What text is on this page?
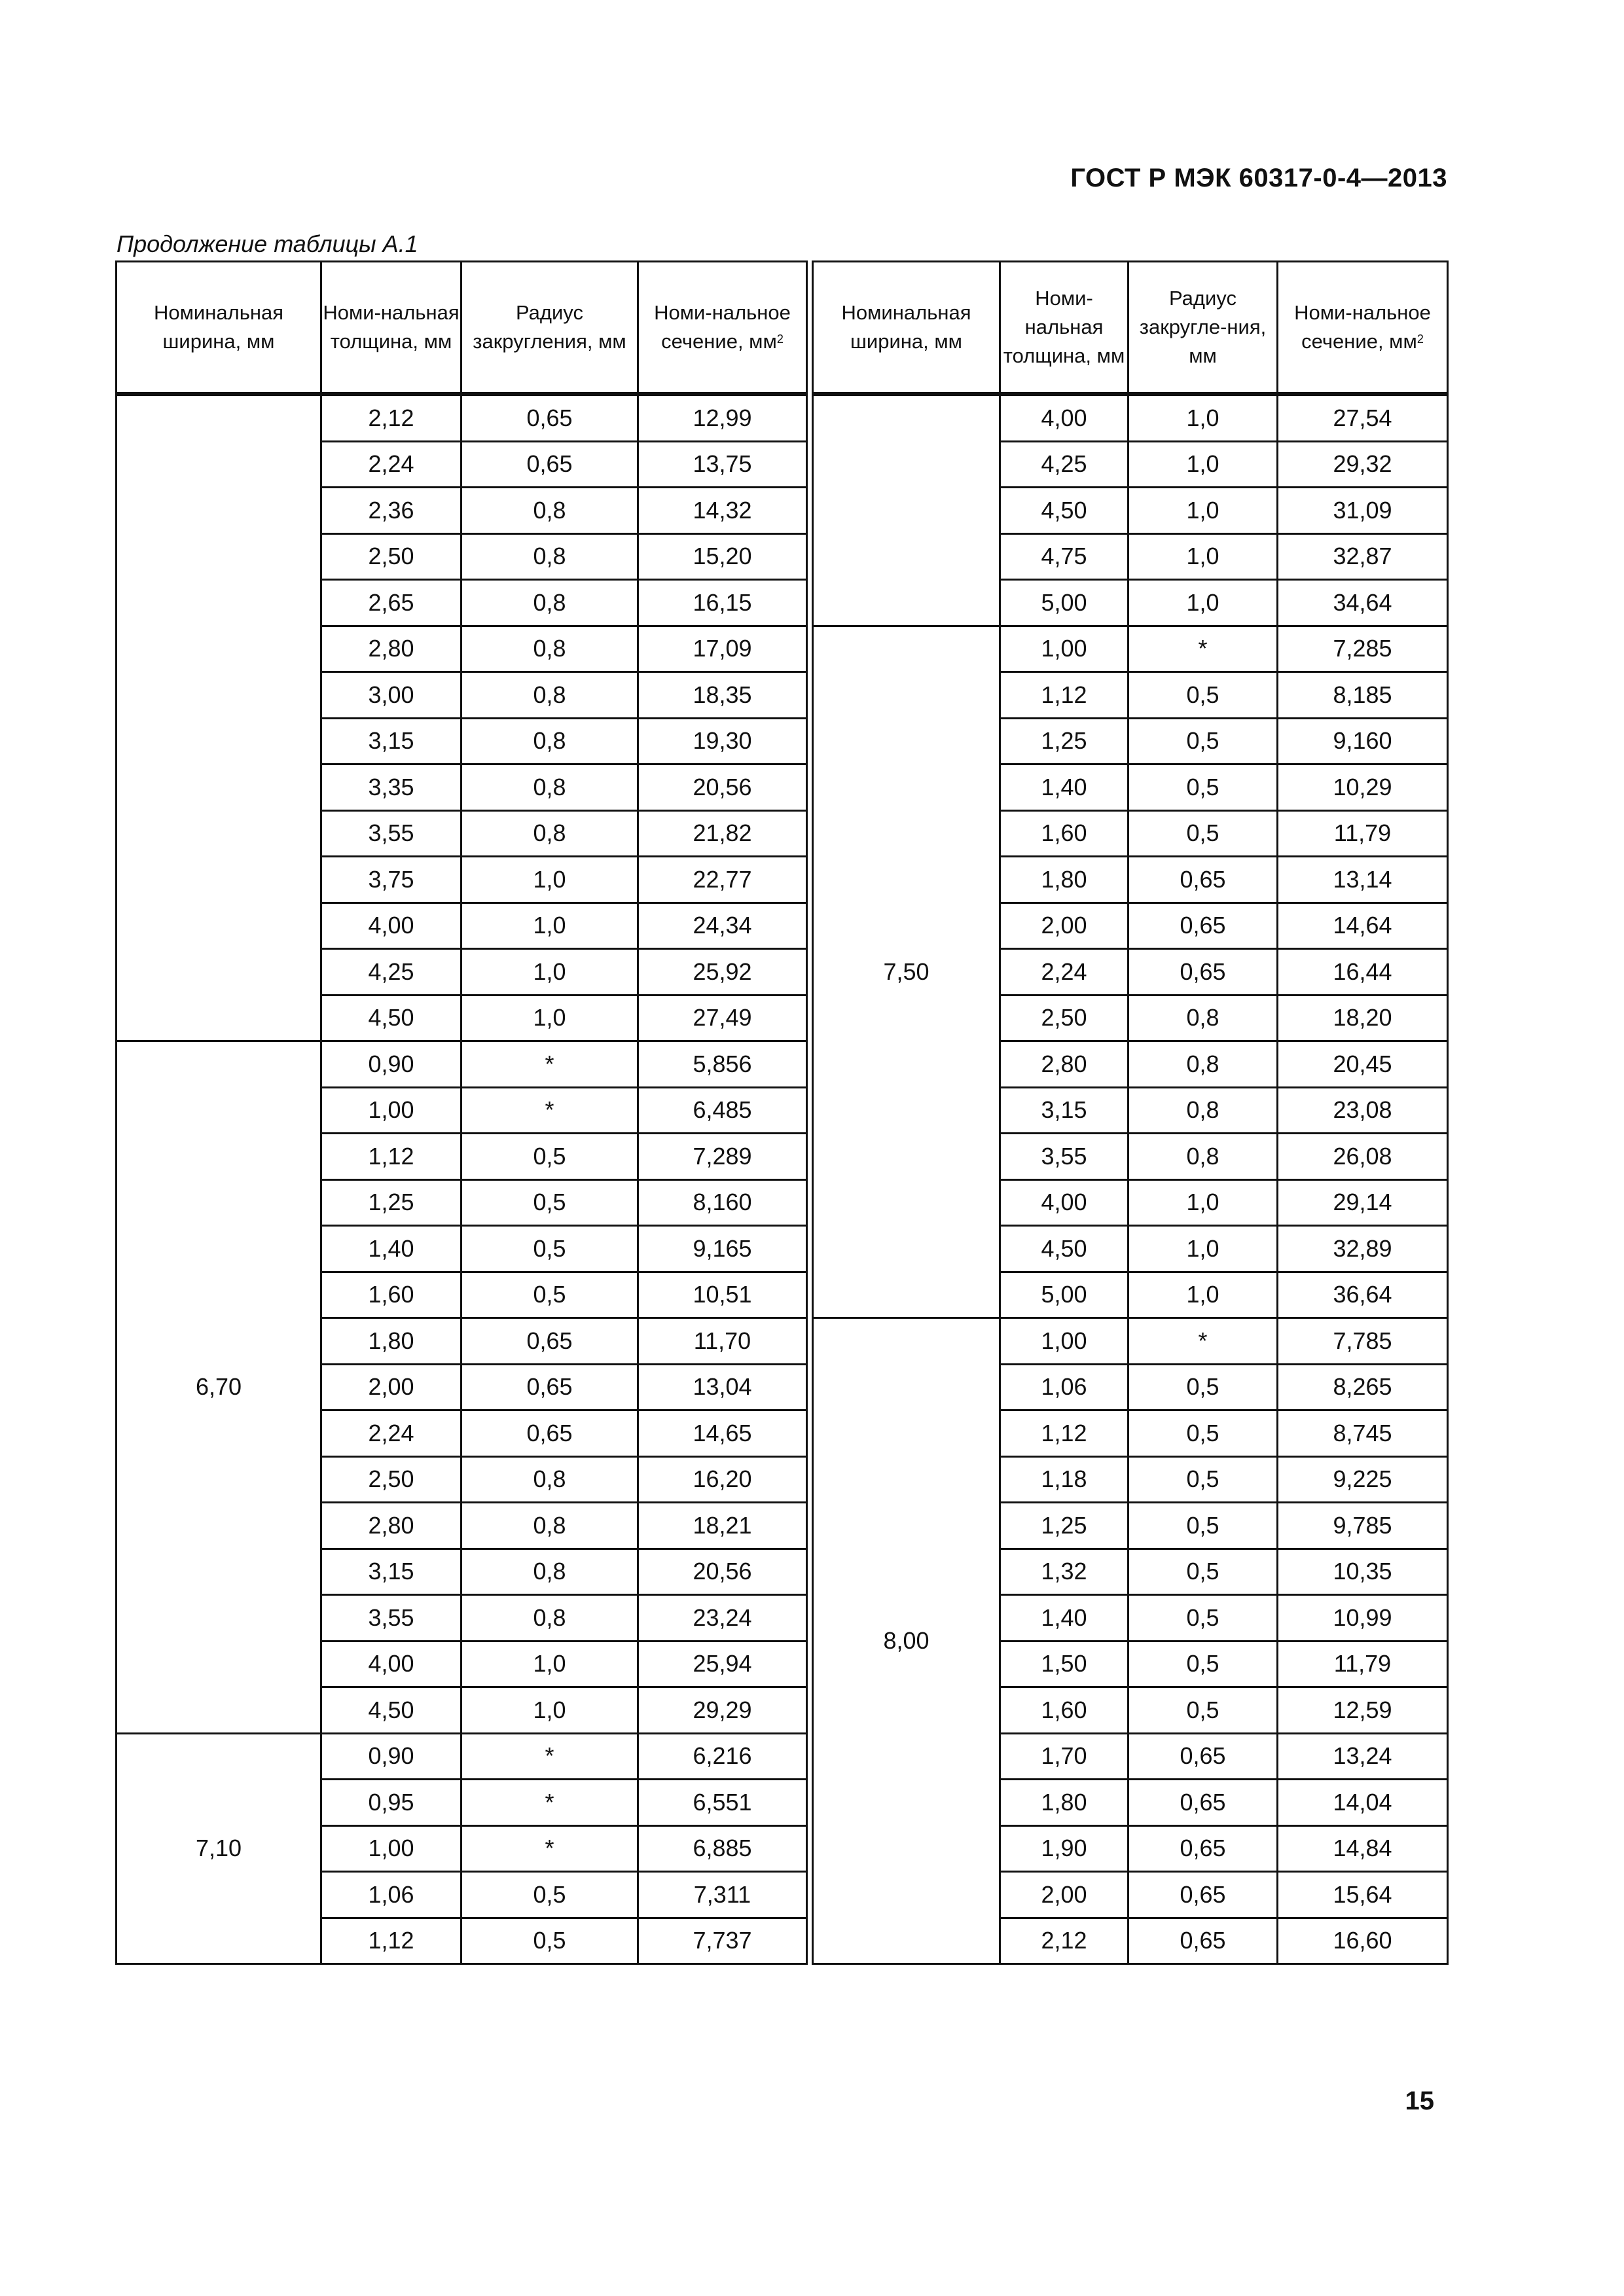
ГОСТ Р МЭК 60317-0-4—2013
Продолжение таблицы А.1
Номинальная ширина, мм	Номи-нальная толщина, мм	Радиус закругления, мм	Номи-нальное сечение, $мм^2$
	2,12	0,65	12,99
	2,24	0,65	13,75
	2,36	0,8	14,32
	2,50	0,8	15,20
	2,65	0,8	16,15
	2,80	0,8	17,09
	3,00	0,8	18,35
	3,15	0,8	19,30
	3,35	0,8	20,56
	3,55	0,8	21,82
	3,75	1,0	22,77
	4,00	1,0	24,34
	4,25	1,0	25,92
	4,50	1,0	27,49
6,70	0,90	*	5,856
	1,00	*	6,485
	1,12	0,5	7,289
	1,25	0,5	8,160
	1,40	0,5	9,165
	1,60	0,5	10,51
	1,80	0,65	11,70
	2,00	0,65	13,04
	2,24	0,65	14,65
	2,50	0,8	16,20
	2,80	0,8	18,21
	3,15	0,8	20,56
	3,55	0,8	23,24
	4,00	1,0	25,94
	4,50	1,0	29,29
7,10	0,90	*	6,216
	0,95	*	6,551
	1,00	*	6,885
	1,06	0,5	7,311
	1,12	0,5	7,737
Номинальная ширина, мм	Номи-нальная толщина, мм	Радиус закругле-ния, мм	Номи-нальное сечение, $мм^2$
	4,00	1,0	27,54
	4,25	1,0	29,32
	4,50	1,0	31,09
	4,75	1,0	32,87
	5,00	1,0	34,64
7,50	1,00	*	7,285
	1,12	0,5	8,185
	1,25	0,5	9,160
	1,40	0,5	10,29
	1,60	0,5	11,79
	1,80	0,65	13,14
	2,00	0,65	14,64
	2,24	0,65	16,44
	2,50	0,8	18,20
	2,80	0,8	20,45
	3,15	0,8	23,08
	3,55	0,8	26,08
	4,00	1,0	29,14
	4,50	1,0	32,89
	5,00	1,0	36,64
8,00	1,00	*	7,785
	1,06	0,5	8,265
	1,12	0,5	8,745
	1,18	0,5	9,225
	1,25	0,5	9,785
	1,32	0,5	10,35
	1,40	0,5	10,99
	1,50	0,5	11,79
	1,60	0,5	12,59
	1,70	0,65	13,24
	1,80	0,65	14,04
	1,90	0,65	14,84
	2,00	0,65	15,64
	2,12	0,65	16,60
15
